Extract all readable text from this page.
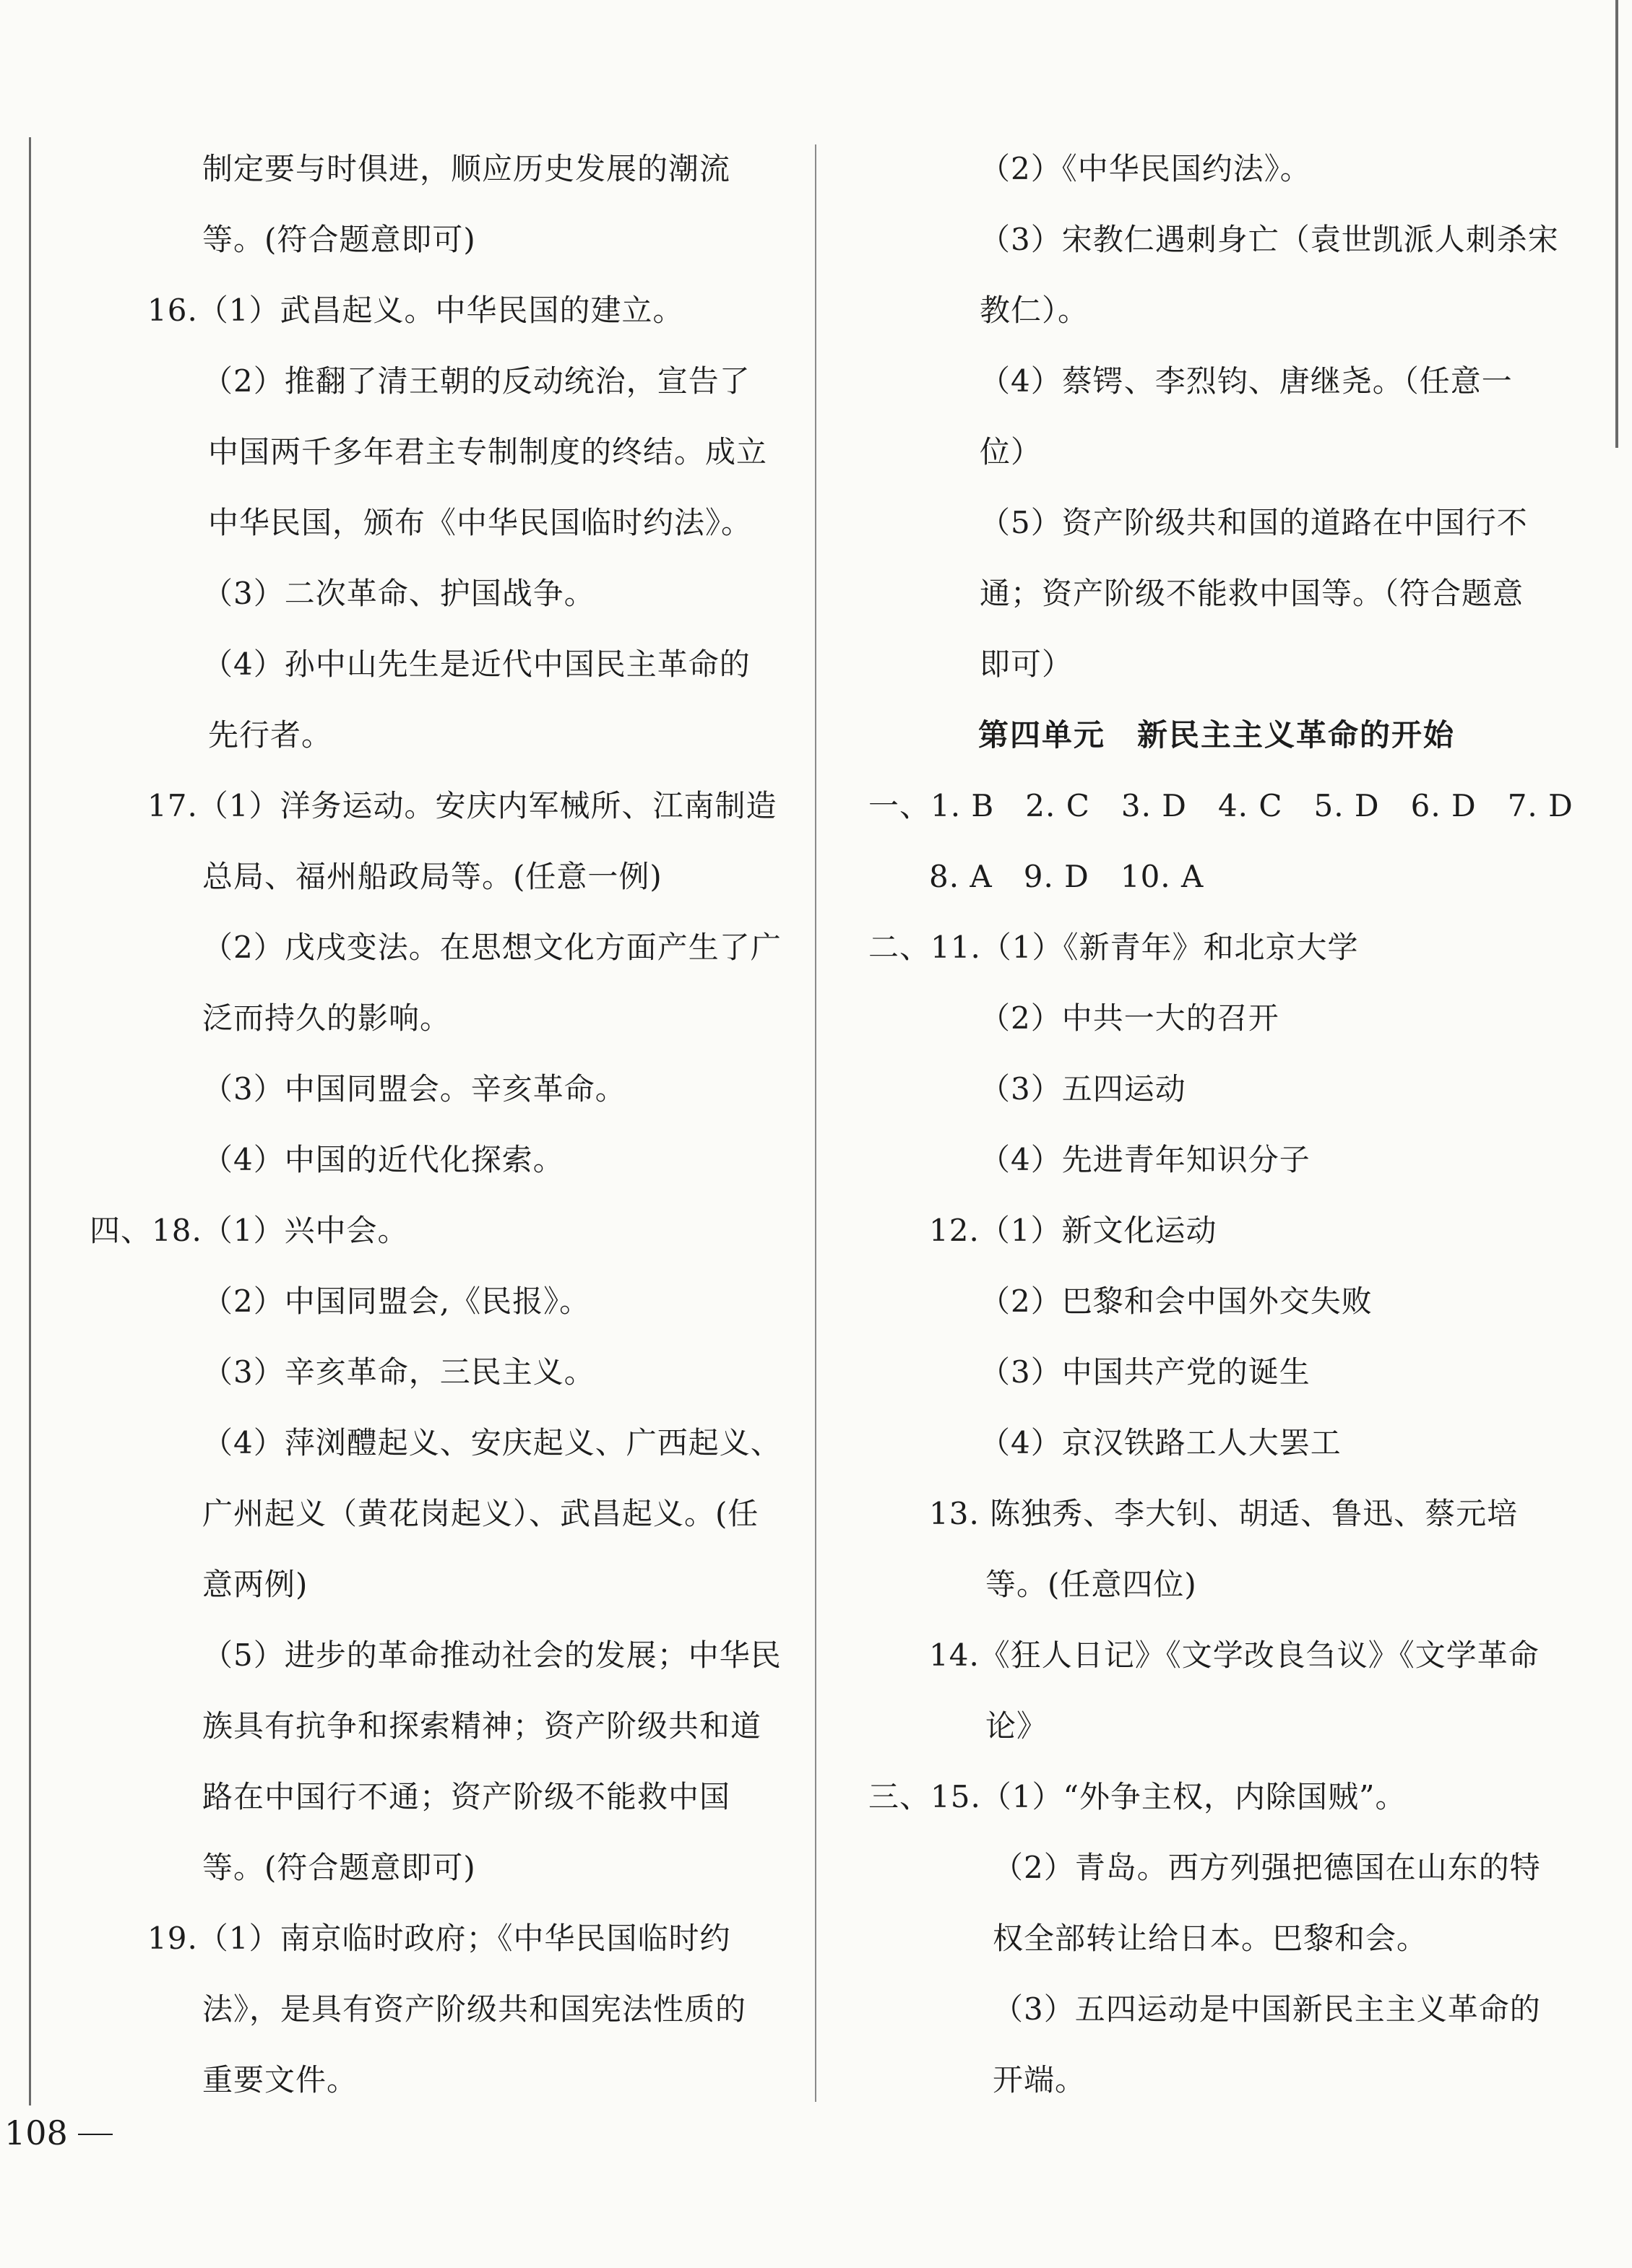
制定要与时俱进，顺应历史发展的潮流
等。(符合题意即可)
16.（1）武昌起义。中华民国的建立。
（2）推翻了清王朝的反动统治，宣告了
中国两千多年君主专制制度的终结。成立
中华民国，颁布《中华民国临时约法》。
（3）二次革命、护国战争。
（4）孙中山先生是近代中国民主革命的
先行者。
17.（1）洋务运动。安庆内军械所、江南制造
总局、福州船政局等。(任意一例)
（2）戊戌变法。在思想文化方面产生了广
泛而持久的影响。
（3）中国同盟会。辛亥革命。
（4）中国的近代化探索。
四、18.（1）兴中会。
（2）中国同盟会,《民报》。
（3）辛亥革命，三民主义。
（4）萍浏醴起义、安庆起义、广西起义、
广州起义（黄花岗起义）、武昌起义。(任
意两例)
（5）进步的革命推动社会的发展；中华民
族具有抗争和探索精神；资产阶级共和道
路在中国行不通；资产阶级不能救中国
等。(符合题意即可)
19.（1）南京临时政府；《中华民国临时约
法》，是具有资产阶级共和国宪法性质的
重要文件。
（2）《中华民国约法》。
（3）宋教仁遇刺身亡（袁世凯派人刺杀宋
教仁）。
（4）蔡锷、李烈钧、唐继尧。（任意一
位）
（5）资产阶级共和国的道路在中国行不
通；资产阶级不能救中国等。（符合题意
即可）
第四单元　新民主主义革命的开始
一、1. B　2. C　3. D　4. C　5. D　6. D　7. D
8. A　9. D　10. A
二、11.（1）《新青年》和北京大学
（2）中共一大的召开
（3）五四运动
（4）先进青年知识分子
12.（1）新文化运动
（2）巴黎和会中国外交失败
（3）中国共产党的诞生
（4）京汉铁路工人大罢工
13. 陈独秀、李大钊、胡适、鲁迅、蔡元培
等。(任意四位)
14.《狂人日记》《文学改良刍议》《文学革命
论》
三、15.（1）“外争主权，内除国贼”。
（2）青岛。西方列强把德国在山东的特
权全部转让给日本。巴黎和会。
（3）五四运动是中国新民主主义革命的
开端。
108
